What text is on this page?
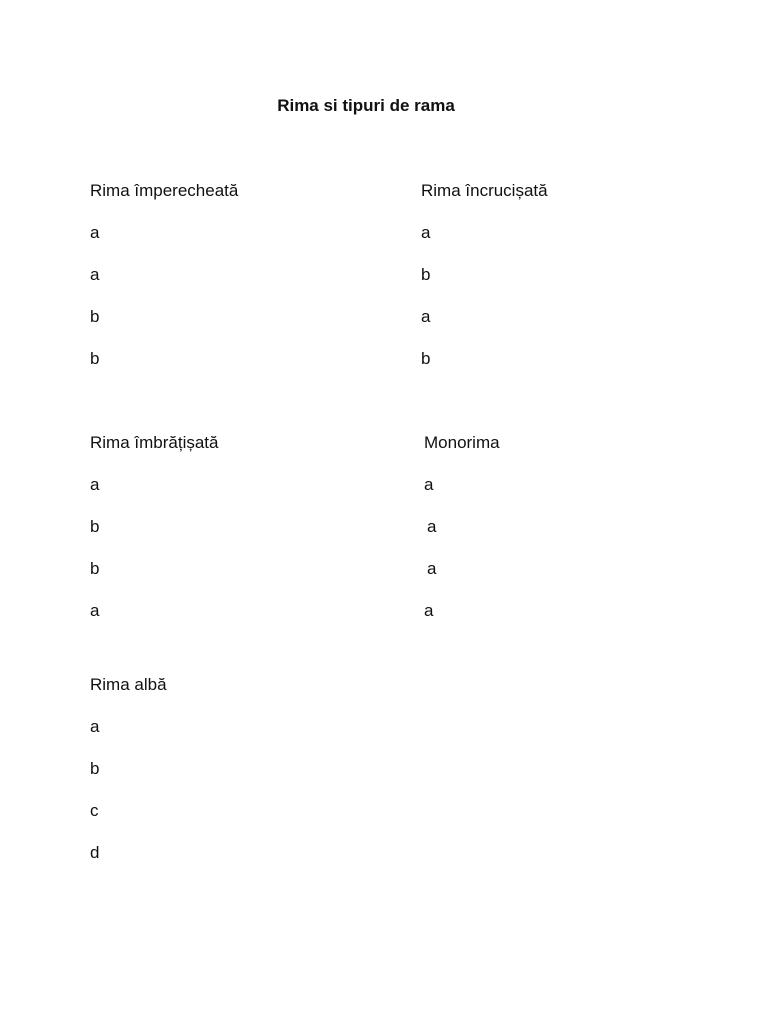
Rima si tipuri de rama
Rima împerecheată
a
a
b
b
Rima încrucișată
a
b
a
b
Rima îmbrățișată
a
b
b
a
Monorima
a
a
a
a
Rima albă
a
b
c
d
